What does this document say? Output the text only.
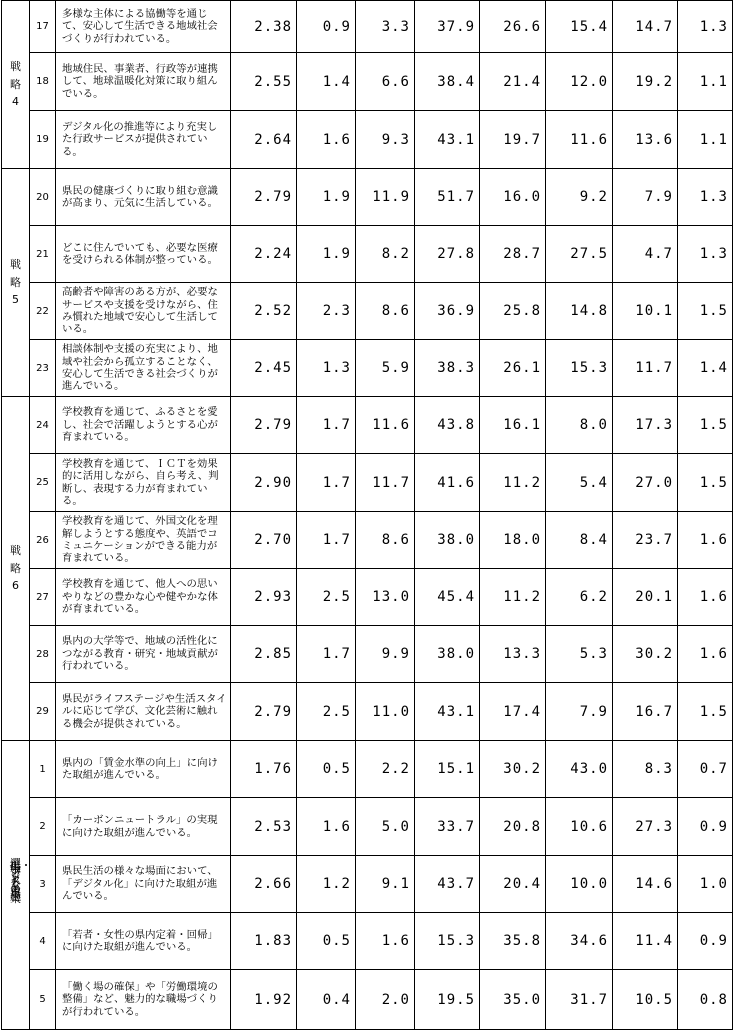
戦略4	17	多様な主体による協働等を通じて、安心して生活できる地域社会づくりが行われている。	2.38	0.9	3.3	37.9	26.6	15.4	14.7	1.3
	18	地域住民、事業者、行政等が連携して、地球温暖化対策に取り組んでいる。	2.55	1.4	6.6	38.4	21.4	12.0	19.2	1.1
	19	デジタル化の推進等により充実した行政サービスが提供されている。	2.64	1.6	9.3	43.1	19.7	11.6	13.6	1.1
戦略5	20	県民の健康づくりに取り組む意識が高まり、元気に生活している。	2.79	1.9	11.9	51.7	16.0	9.2	7.9	1.3
	21	どこに住んでいても、必要な医療を受けられる体制が整っている。	2.24	1.9	8.2	27.8	28.7	27.5	4.7	1.3
	22	高齢者や障害のある方が、必要なサービスや支援を受けながら、住み慣れた地域で安心して生活している。	2.52	2.3	8.6	36.9	25.8	14.8	10.1	1.5
	23	相談体制や支援の充実により、地域や社会から孤立することなく、安心して生活できる社会づくりが進んでいる。	2.45	1.3	5.9	38.3	26.1	15.3	11.7	1.4
戦略6	24	学校教育を通じて、ふるさとを愛し、社会で活躍しようとする心が育まれている。	2.79	1.7	11.6	43.8	16.1	8.0	17.3	1.5
	25	学校教育を通じて、ＩＣＴを効果的に活用しながら、自ら考え、判断し、表現する力が育まれている。	2.90	1.7	11.7	41.6	11.2	5.4	27.0	1.5
	26	学校教育を通じて、外国文化を理解しようとする態度や、英語でコミュニケーションができる能力が育まれている。	2.70	1.7	8.6	38.0	18.0	8.4	23.7	1.6
	27	学校教育を通じて、他人への思いやりなどの豊かな心や健やかな体が育まれている。	2.93	2.5	13.0	45.4	11.2	6.2	20.1	1.6
	28	県内の大学等で、地域の活性化につながる教育・研究・地域貢献が行われている。	2.85	1.7	9.9	38.0	13.3	5.3	30.2	1.6
	29	県民がライフステージや生活スタイルに応じて学び、文化芸術に触れる機会が提供されている。	2.79	2.5	11.0	43.1	17.4	7.9	16.7	1.5
選択・集中プロジェクトなどの重点施策	1	県内の「賃金水準の向上」に向けた取組が進んでいる。	1.76	0.5	2.2	15.1	30.2	43.0	8.3	0.7
	2	「カーボンニュートラル」の実現に向けた取組が進んでいる。	2.53	1.6	5.0	33.7	20.8	10.6	27.3	0.9
	3	県民生活の様々な場面において、「デジタル化」に向けた取組が進んでいる。	2.66	1.2	9.1	43.7	20.4	10.0	14.6	1.0
	4	「若者・女性の県内定着・回帰」に向けた取組が進んでいる。	1.83	0.5	1.6	15.3	35.8	34.6	11.4	0.9
	5	「働く場の確保」や「労働環境の整備」など、魅力的な職場づくりが行われている。	1.92	0.4	2.0	19.5	35.0	31.7	10.5	0.8
